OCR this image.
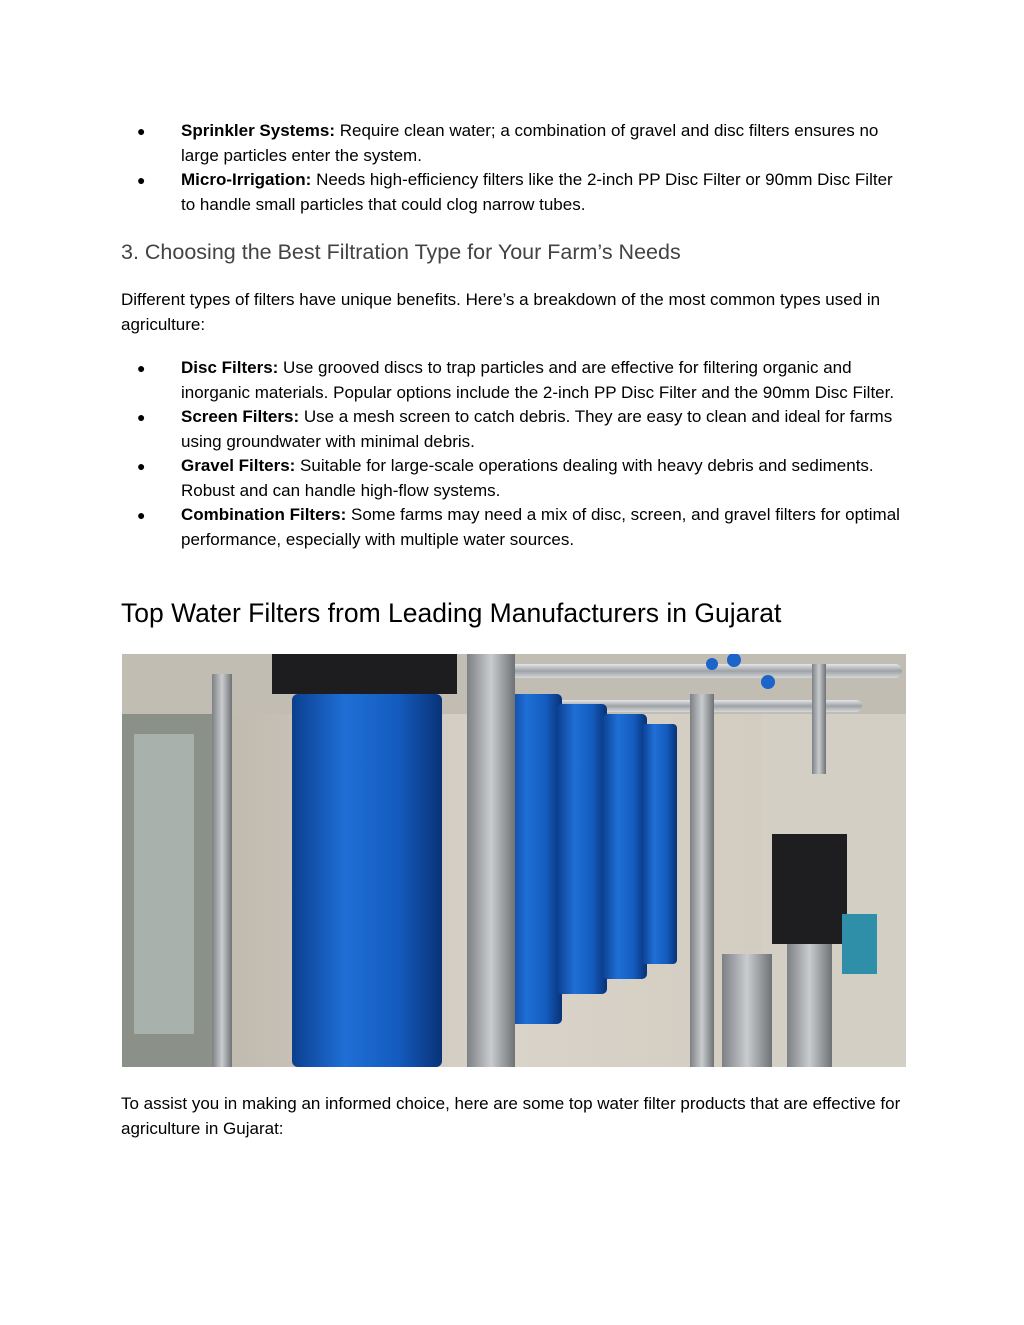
● Sprinkler Systems: Require clean water; a combination of gravel and disc filters ensures no large particles enter the system.
● Micro-Irrigation: Needs high-efficiency filters like the 2-inch PP Disc Filter or 90mm Disc Filter to handle small particles that could clog narrow tubes.
3. Choosing the Best Filtration Type for Your Farm’s Needs
Different types of filters have unique benefits. Here’s a breakdown of the most common types used in agriculture:
● Disc Filters: Use grooved discs to trap particles and are effective for filtering organic and inorganic materials. Popular options include the 2-inch PP Disc Filter and the 90mm Disc Filter.
● Screen Filters: Use a mesh screen to catch debris. They are easy to clean and ideal for farms using groundwater with minimal debris.
● Gravel Filters: Suitable for large-scale operations dealing with heavy debris and sediments. Robust and can handle high-flow systems.
● Combination Filters: Some farms may need a mix of disc, screen, and gravel filters for optimal performance, especially with multiple water sources.
Top Water Filters from Leading Manufacturers in Gujarat
To assist you in making an informed choice, here are some top water filter products that are effective for agriculture in Gujarat:
